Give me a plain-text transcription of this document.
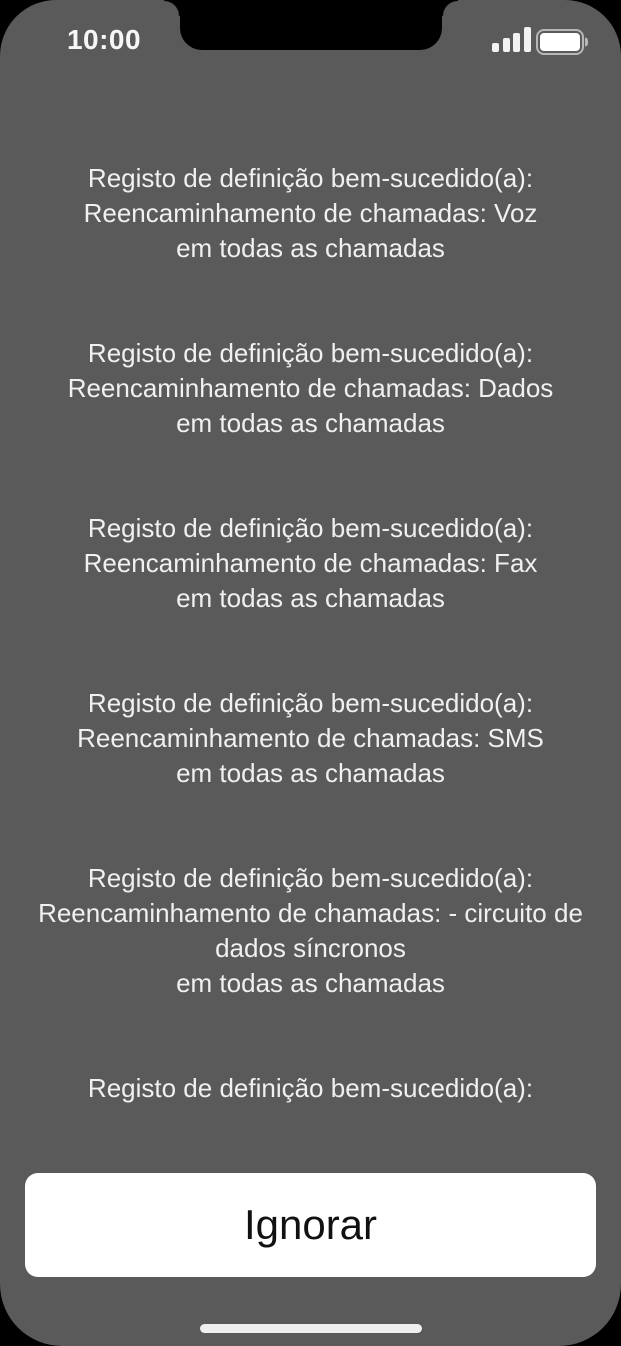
10:00

Registo de definição bem-sucedido(a):
Reencaminhamento de chamadas: Voz
em todas as chamadas

Registo de definição bem-sucedido(a):
Reencaminhamento de chamadas: Dados
em todas as chamadas

Registo de definição bem-sucedido(a):
Reencaminhamento de chamadas: Fax
em todas as chamadas

Registo de definição bem-sucedido(a):
Reencaminhamento de chamadas: SMS
em todas as chamadas

Registo de definição bem-sucedido(a):
Reencaminhamento de chamadas: - circuito de
dados síncronos
em todas as chamadas

Registo de definição bem-sucedido(a):

Ignorar
